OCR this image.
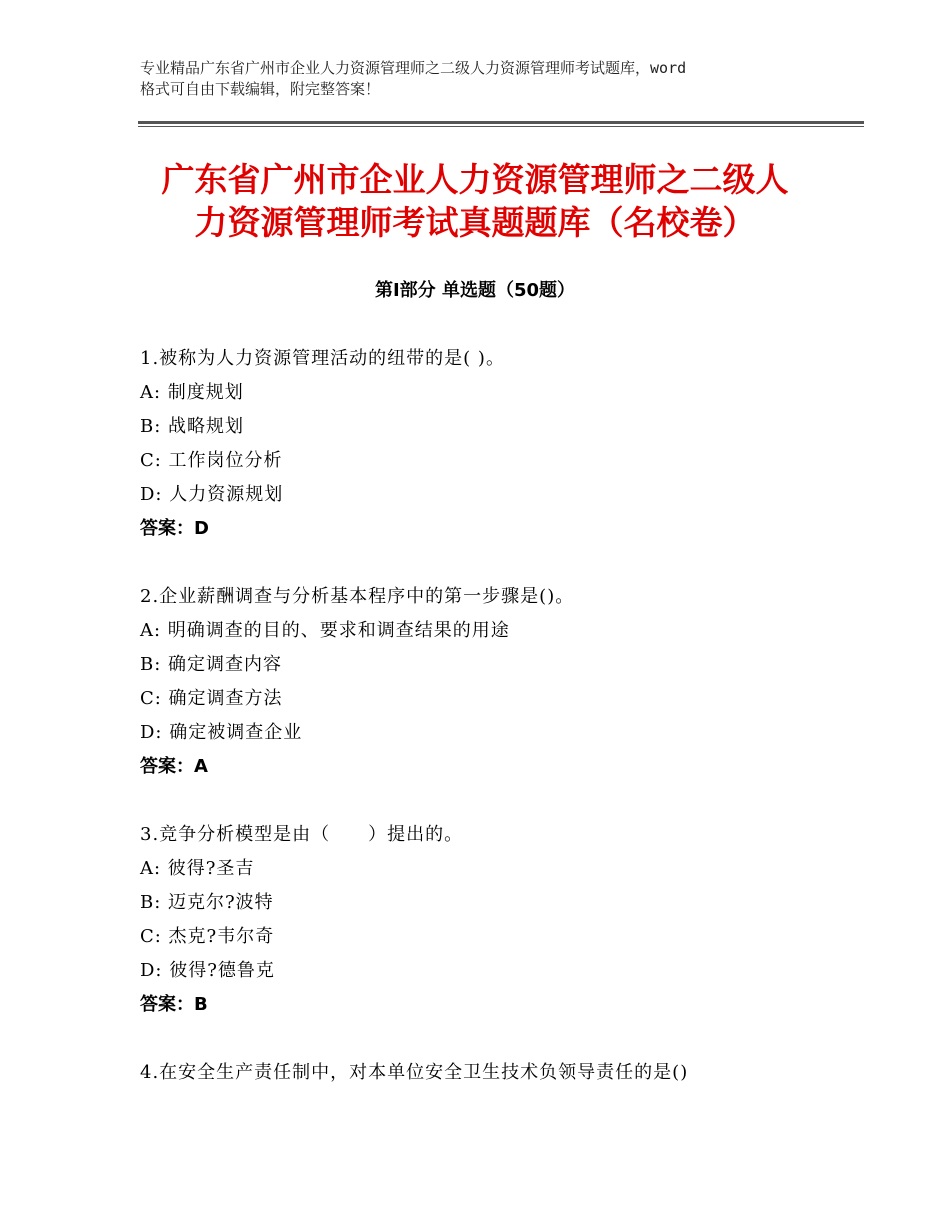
专业精品广东省广州市企业人力资源管理师之二级人力资源管理师考试题库，word
格式可自由下载编辑，附完整答案！
广东省广州市企业人力资源管理师之二级人
力资源管理师考试真题题库（名校卷）
第Ⅰ部分 单选题（50题）
1.被称为人力资源管理活动的纽带的是( )。
A: 制度规划
B: 战略规划
C: 工作岗位分析
D: 人力资源规划
答案：D
2.企业薪酬调查与分析基本程序中的第一步骤是()。
A: 明确调查的目的、要求和调查结果的用途
B: 确定调查内容
C: 确定调查方法
D: 确定被调查企业
答案：A
3.竞争分析模型是由（　　）提出的。
A: 彼得?圣吉
B: 迈克尔?波特
C: 杰克?韦尔奇
D: 彼得?德鲁克
答案：B
4.在安全生产责任制中，对本单位安全卫生技术负领导责任的是()
